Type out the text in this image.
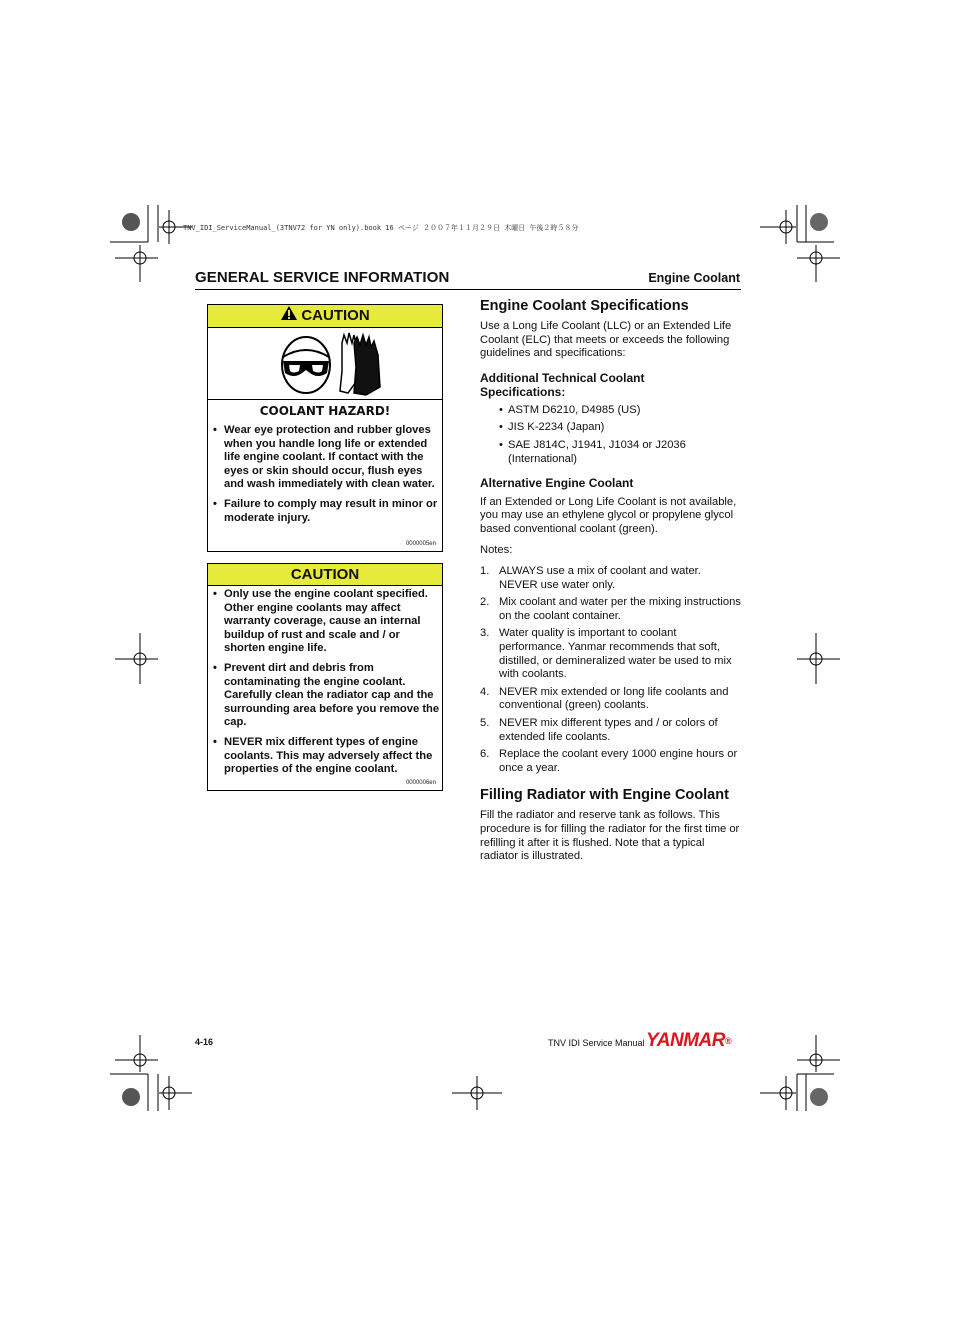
TNV_IDI_ServiceManual_(3TNV72 for YN only).book 16 ページ ２００７年１１月２９日 木曜日 午後２時５８分
GENERAL SERVICE INFORMATION	Engine Coolant
CAUTION
COOLANT HAZARD!
• Wear eye protection and rubber gloves when you handle long life or extended life engine coolant. If contact with the eyes or skin should occur, flush eyes and wash immediately with clean water.
• Failure to comply may result in minor or moderate injury.
0000005en
CAUTION
• Only use the engine coolant specified. Other engine coolants may affect warranty coverage, cause an internal buildup of rust and scale and / or shorten engine life.
• Prevent dirt and debris from contaminating the engine coolant. Carefully clean the radiator cap and the surrounding area before you remove the cap.
• NEVER mix different types of engine coolants. This may adversely affect the properties of the engine coolant.
0000006en
Engine Coolant Specifications
Use a Long Life Coolant (LLC) or an Extended Life Coolant (ELC) that meets or exceeds the following guidelines and specifications:
Additional Technical Coolant Specifications:
• ASTM D6210, D4985 (US)
• JIS K-2234 (Japan)
• SAE J814C, J1941, J1034 or J2036 (International)
Alternative Engine Coolant
If an Extended or Long Life Coolant is not available, you may use an ethylene glycol or propylene glycol based conventional coolant (green).
Notes:
1. ALWAYS use a mix of coolant and water. NEVER use water only.
2. Mix coolant and water per the mixing instructions on the coolant container.
3. Water quality is important to coolant performance. Yanmar recommends that soft, distilled, or demineralized water be used to mix with coolants.
4. NEVER mix extended or long life coolants and conventional (green) coolants.
5. NEVER mix different types and / or colors of extended life coolants.
6. Replace the coolant every 1000 engine hours or once a year.
Filling Radiator with Engine Coolant
Fill the radiator and reserve tank as follows. This procedure is for filling the radiator for the first time or refilling it after it is flushed. Note that a typical radiator is illustrated.
4-16	TNV IDI Service Manual YANMAR®
